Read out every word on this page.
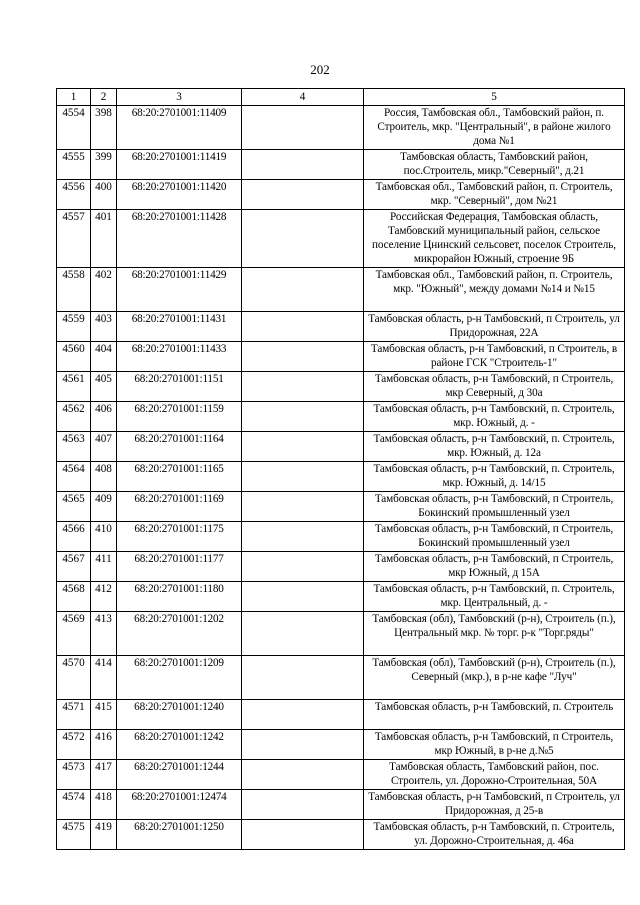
202
1	2	3	4	5
4554	398	68:20:2701001:11409		Россия, Тамбовская обл., Тамбовский район, п. Строитель, мкр. "Центральный", в районе жилого дома №1
4555	399	68:20:2701001:11419		Тамбовская область, Тамбовский район, пос.Строитель, микр."Северный", д.21
4556	400	68:20:2701001:11420		Тамбовская обл., Тамбовский район, п. Строитель, мкр. "Северный", дом №21
4557	401	68:20:2701001:11428		Российская Федерация, Тамбовская область, Тамбовский муниципальный район, сельское поселение Цнинский сельсовет, поселок Строитель, микрорайон Южный, строение 9Б
4558	402	68:20:2701001:11429		Тамбовская обл., Тамбовский район, п. Строитель, мкр. "Южный", между домами №14 и №15
4559	403	68:20:2701001:11431		Тамбовская область, р-н Тамбовский, п Строитель, ул Придорожная, 22А
4560	404	68:20:2701001:11433		Тамбовская область, р-н Тамбовский, п Строитель, в районе ГСК "Строитель-1"
4561	405	68:20:2701001:1151		Тамбовская область, р-н Тамбовский, п Строитель, мкр Северный, д 30а
4562	406	68:20:2701001:1159		Тамбовская область, р-н Тамбовский, п. Строитель, мкр. Южный, д. -
4563	407	68:20:2701001:1164		Тамбовская область, р-н Тамбовский, п. Строитель, мкр. Южный, д. 12а
4564	408	68:20:2701001:1165		Тамбовская область, р-н Тамбовский, п. Строитель, мкр. Южный, д. 14/15
4565	409	68:20:2701001:1169		Тамбовская область, р-н Тамбовский, п Строитель, Бокинский промышленный узел
4566	410	68:20:2701001:1175		Тамбовская область, р-н Тамбовский, п Строитель, Бокинский промышленный узел
4567	411	68:20:2701001:1177		Тамбовская область, р-н Тамбовский, п Строитель, мкр Южный, д 15А
4568	412	68:20:2701001:1180		Тамбовская область, р-н Тамбовский, п. Строитель, мкр. Центральный, д. -
4569	413	68:20:2701001:1202		Тамбовская (обл), Тамбовский (р-н), Строитель (п.), Центральный мкр. № торг. р-к "Торг.ряды"
4570	414	68:20:2701001:1209		Тамбовская (обл), Тамбовский (р-н), Строитель (п.), Северный (мкр.), в р-не кафе "Луч"
4571	415	68:20:2701001:1240		Тамбовская область, р-н Тамбовский, п. Строитель
4572	416	68:20:2701001:1242		Тамбовская область, р-н Тамбовский, п Строитель, мкр Южный, в р-не д.№5
4573	417	68:20:2701001:1244		Тамбовская область, Тамбовский район, пос. Строитель, ул. Дорожно-Строительная, 50А
4574	418	68:20:2701001:12474		Тамбовская область, р-н Тамбовский, п Строитель, ул Придорожная, д 25-в
4575	419	68:20:2701001:1250		Тамбовская область, р-н Тамбовский, п. Строитель, ул. Дорожно-Строительная, д. 46а
